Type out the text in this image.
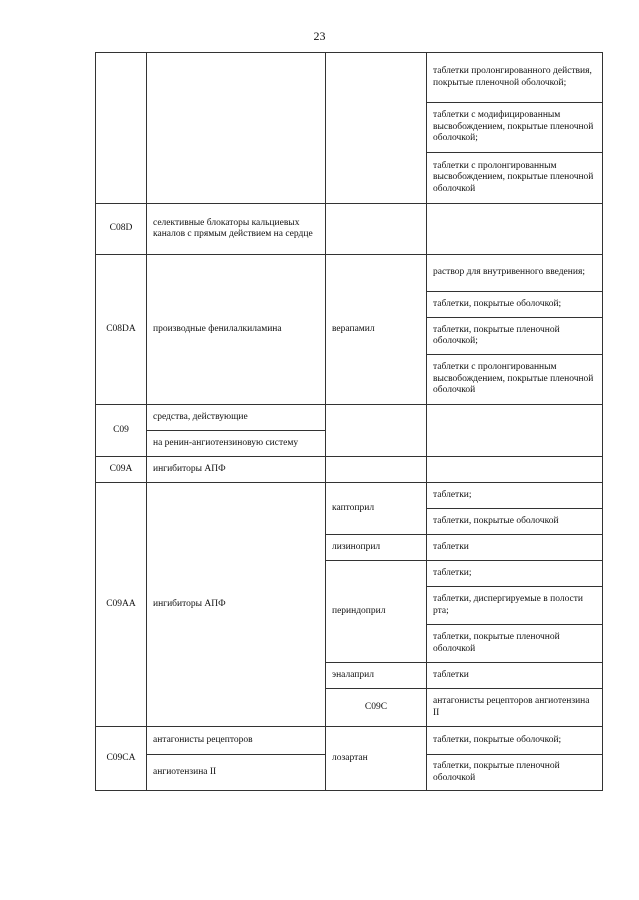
23
			таблетки пролонгированного действия, покрытые пленочной оболочкой;	
			таблетки с модифицированным высвобождением, покрытые пленочной оболочкой;	
			таблетки с пролонгированным высвобождением, покрытые пленочной оболочкой	
C08D	селективные блокаторы кальциевых каналов с прямым действием на сердце			
C08DA	производные фенилалкиламина	верапамил	раствор для внутривенного введения;	
			таблетки, покрытые оболочкой;	
			таблетки, покрытые пленочной оболочкой;	
			таблетки с пролонгированным высвобождением, покрытые пленочной оболочкой	
C09	средства, действующие			
	на ренин-ангиотензиновую систему			
C09A	ингибиторы АПФ			
C09AA	ингибиторы АПФ	каптоприл	таблетки;	
			таблетки, покрытые оболочкой	
		лизиноприл	таблетки	
		периндоприл	таблетки;	
			таблетки, диспергируемые в полости рта;	
			таблетки, покрытые пленочной оболочкой	
		эналаприл	таблетки	
		C09C	антагонисты рецепторов ангиотензина II		
C09CA	антагонисты рецепторов	лозартан	таблетки, покрытые оболочкой;	
	ангиотензина II		таблетки, покрытые пленочной оболочкой	
